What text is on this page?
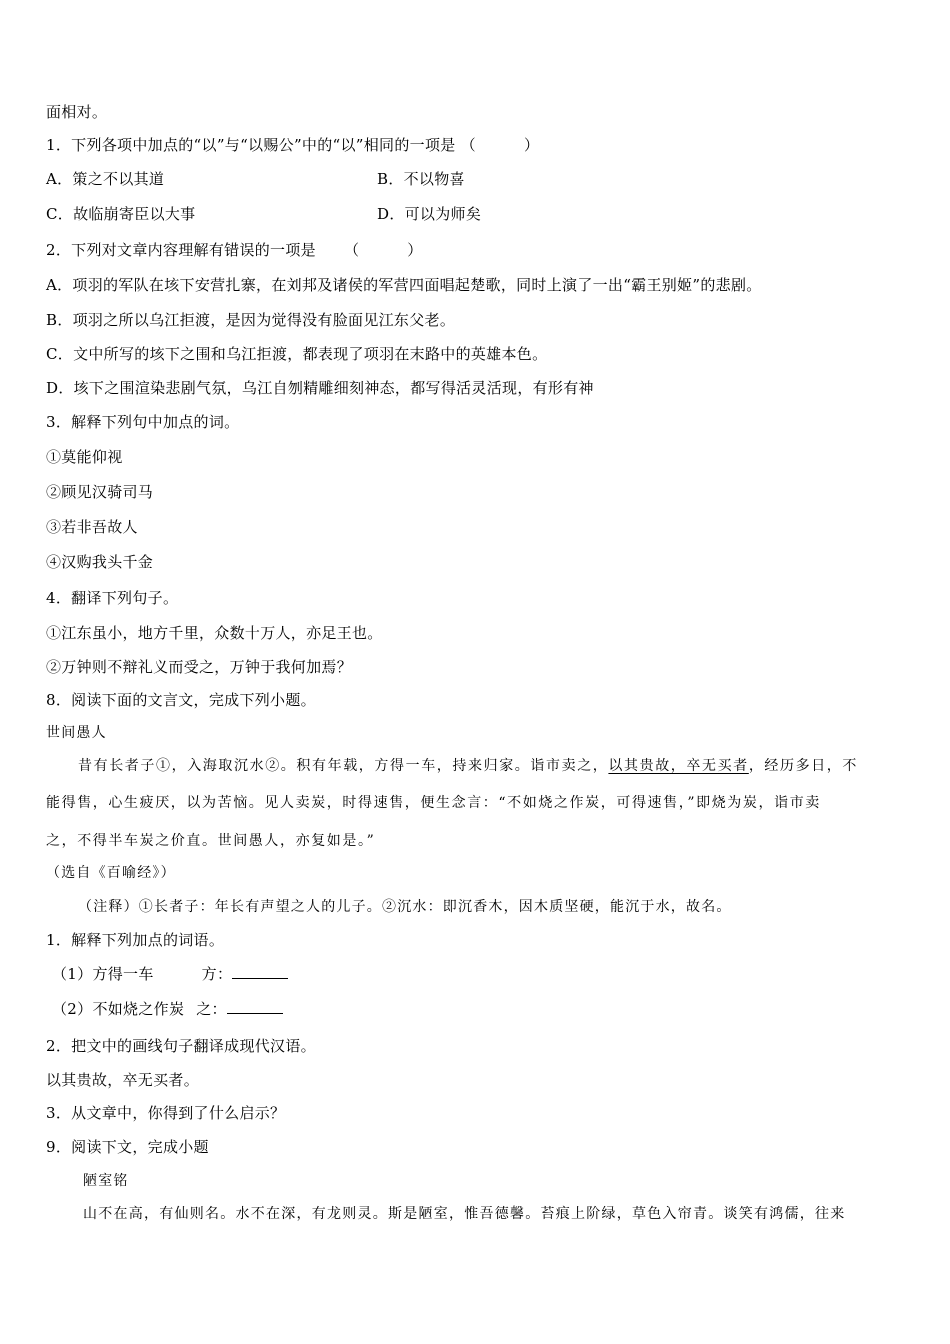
面相对。
1．下列各项中加点的“以”与“以赐公”中的“以”相同的一项是 （	）
A．策之不以其道	B．不以物喜
C．故临崩寄臣以大事	D．可以为师矣
2．下列对文章内容理解有错误的一项是 （	）
A．项羽的军队在垓下安营扎寨，在刘邦及诸侯的军营四面唱起楚歌，同时上演了一出“霸王别姬”的悲剧。
B．项羽之所以乌江拒渡，是因为觉得没有脸面见江东父老。
C．文中所写的垓下之围和乌江拒渡，都表现了项羽在末路中的英雄本色。
D．垓下之围渲染悲剧气氛，乌江自刎精雕细刻神态，都写得活灵活现，有形有神
3．解释下列句中加点的词。
①莫能仰视
②顾见汉骑司马
③若非吾故人
④汉购我头千金
4．翻译下列句子。
①江东虽小，地方千里，众数十万人，亦足王也。
②万钟则不辩礼义而受之，万钟于我何加焉？
8．阅读下面的文言文，完成下列小题。
世间愚人
昔有长者子①，入海取沉水②。积有年载，方得一车，持来归家。诣市卖之，以其贵故，卒无买者，经历多日，不
能得售，心生疲厌，以为苦恼。见人卖炭，时得速售，便生念言：“不如烧之作炭，可得速售，”即烧为炭，诣市卖
之，不得半车炭之价直。世间愚人，亦复如是。”
（选自《百喻经》）
（注释）①长者子：年长有声望之人的儿子。②沉水：即沉香木，因木质坚硬，能沉于水，故名。
1．解释下列加点的词语。
（1）方得一车	方：
（2）不如烧之作炭 之：
2．把文中的画线句子翻译成现代汉语。
以其贵故，卒无买者。
3．从文章中，你得到了什么启示？
9．阅读下文，完成小题
陋室铭
山不在高，有仙则名。水不在深，有龙则灵。斯是陋室，惟吾德馨。苔痕上阶绿，草色入帘青。谈笑有鸿儒，往来
